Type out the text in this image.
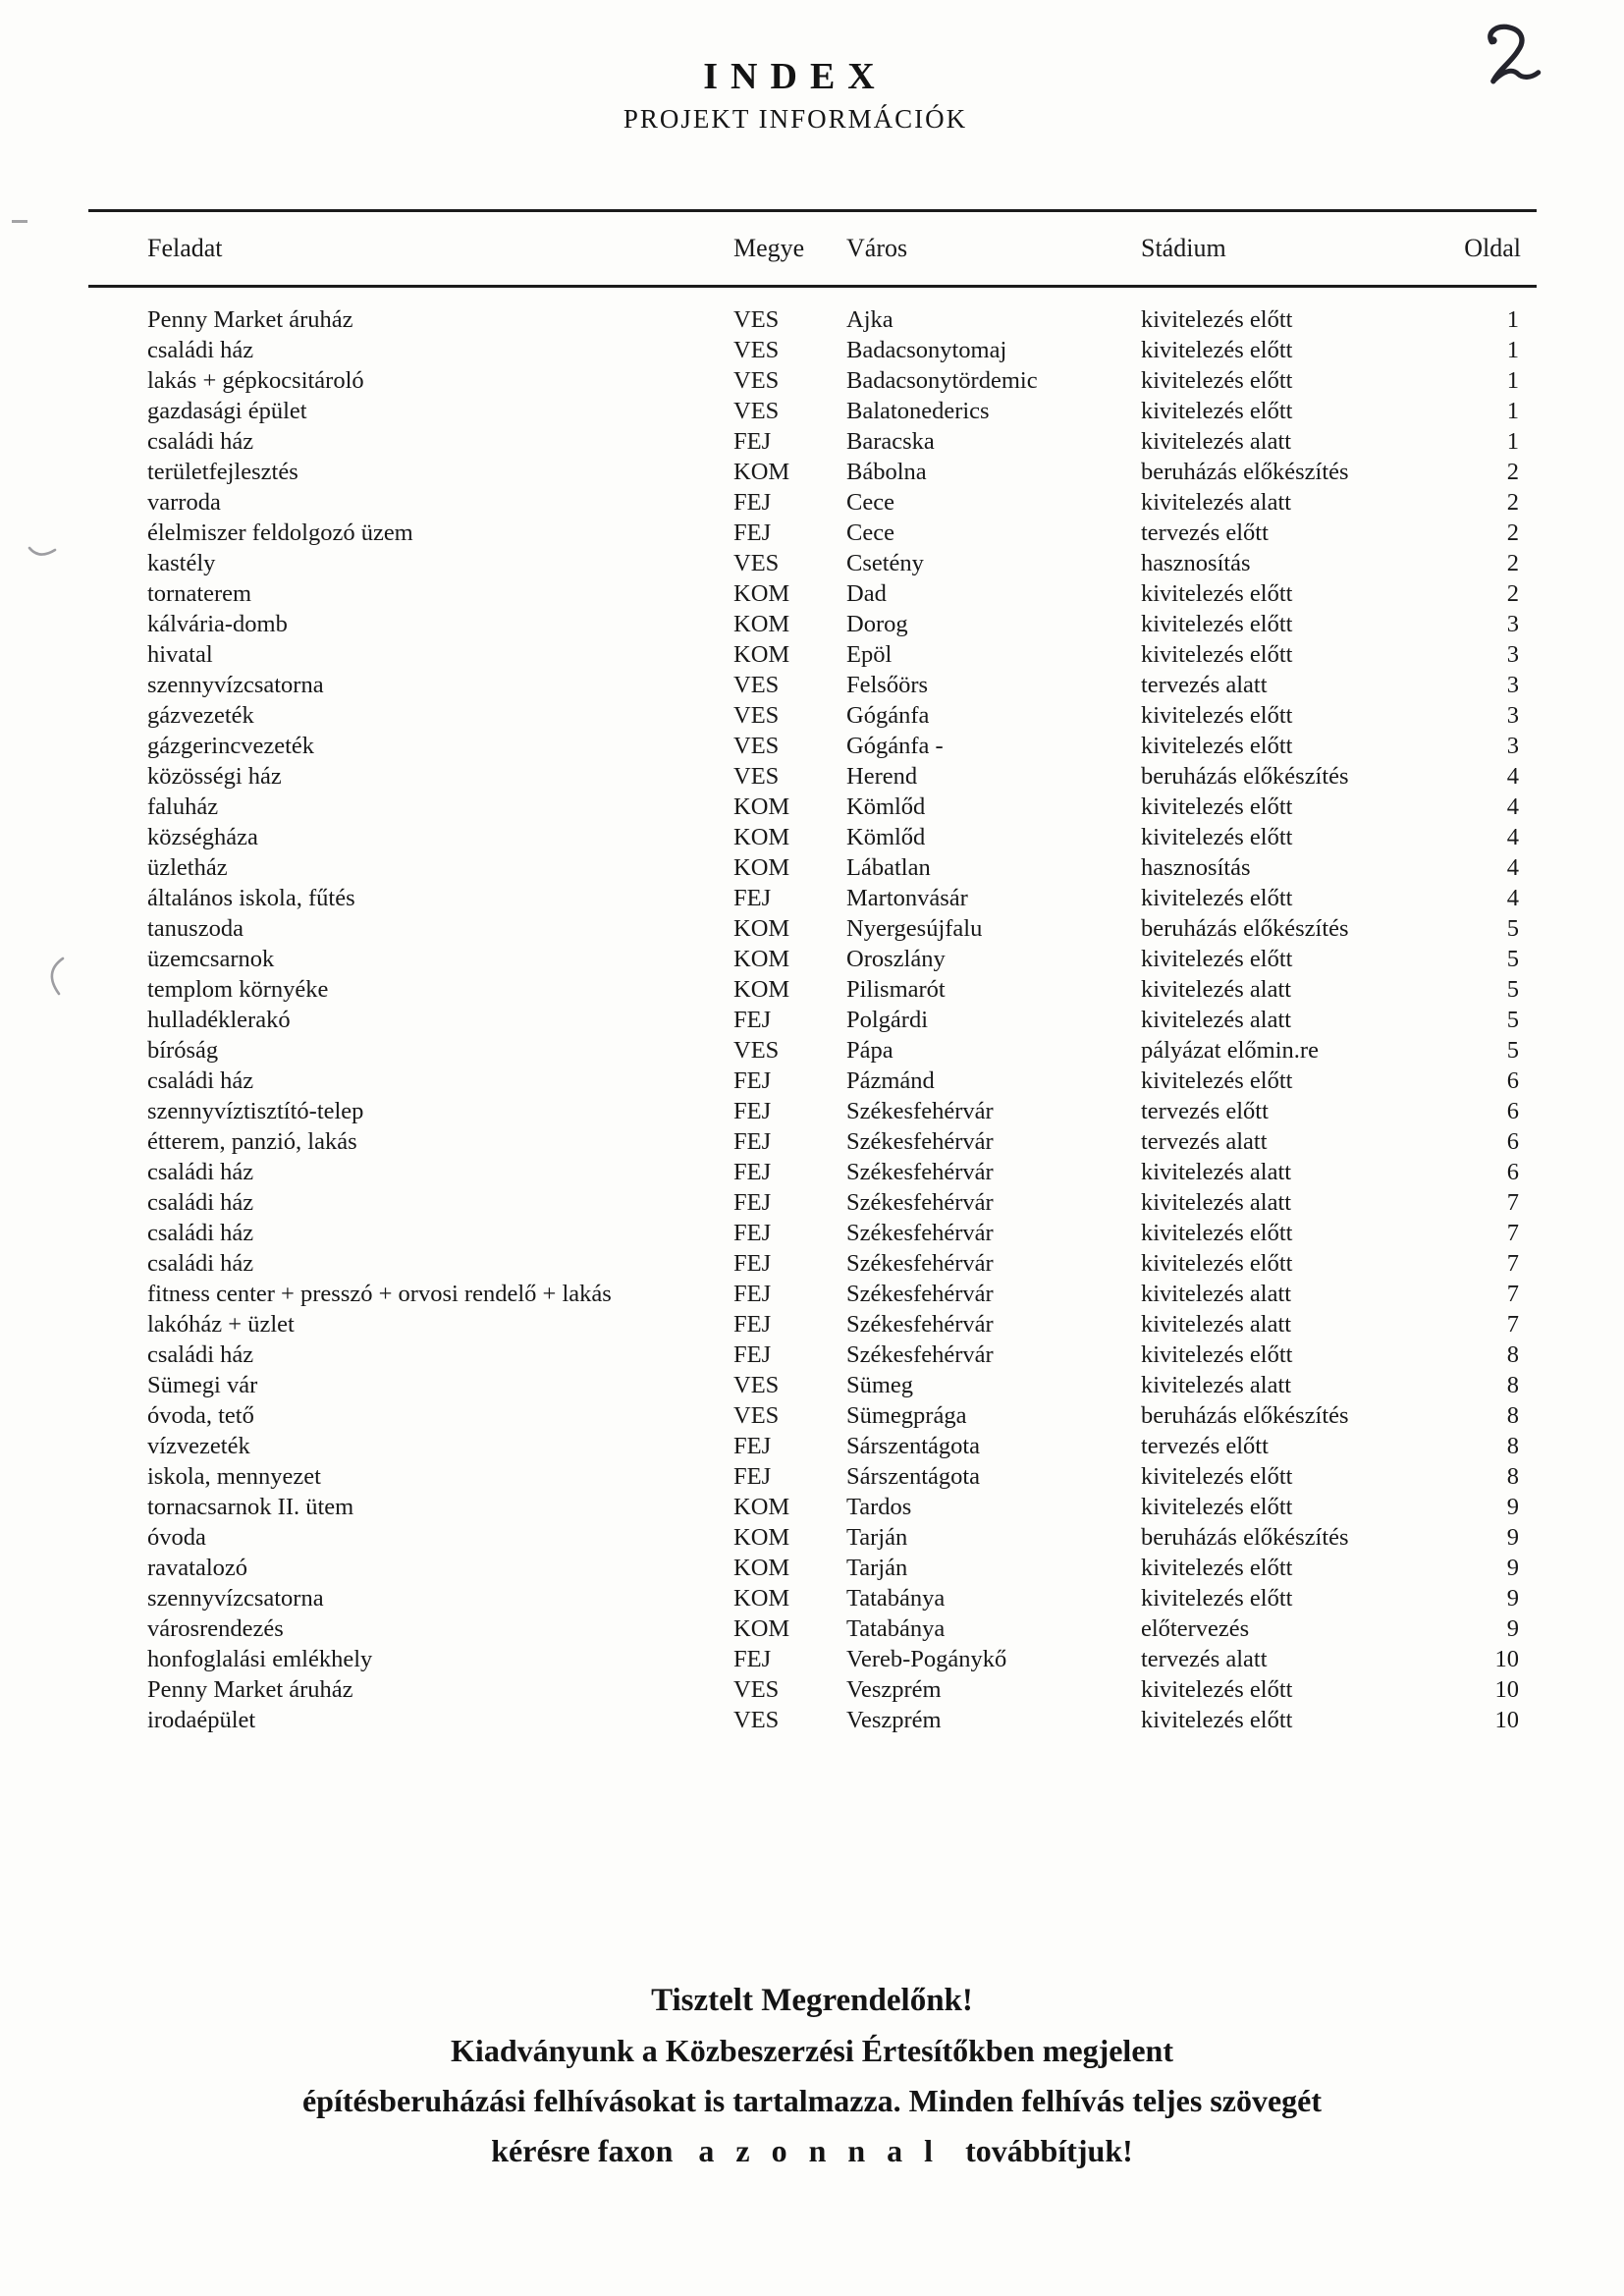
INDEX
PROJEKT INFORMÁCIÓK
Feladat	Megye	Város	Stádium	Oldal
Penny Market áruház	VES	Ajka	kivitelezés előtt	1
családi ház	VES	Badacsonytomaj	kivitelezés előtt	1
lakás + gépkocsitároló	VES	Badacsonytördemic	kivitelezés előtt	1
gazdasági épület	VES	Balatonederics	kivitelezés előtt	1
családi ház	FEJ	Baracska	kivitelezés alatt	1
területfejlesztés	KOM	Bábolna	beruházás előkészítés	2
varroda	FEJ	Cece	kivitelezés alatt	2
élelmiszer feldolgozó üzem	FEJ	Cece	tervezés előtt	2
kastély	VES	Csetény	hasznosítás	2
tornaterem	KOM	Dad	kivitelezés előtt	2
kálvária-domb	KOM	Dorog	kivitelezés előtt	3
hivatal	KOM	Epöl	kivitelezés előtt	3
szennyvízcsatorna	VES	Felsőörs	tervezés alatt	3
gázvezeték	VES	Gógánfa	kivitelezés előtt	3
gázgerincvezeték	VES	Gógánfa -	kivitelezés előtt	3
közösségi ház	VES	Herend	beruházás előkészítés	4
faluház	KOM	Kömlőd	kivitelezés előtt	4
községháza	KOM	Kömlőd	kivitelezés előtt	4
üzletház	KOM	Lábatlan	hasznosítás	4
általános iskola, fűtés	FEJ	Martonvásár	kivitelezés előtt	4
tanuszoda	KOM	Nyergesújfalu	beruházás előkészítés	5
üzemcsarnok	KOM	Oroszlány	kivitelezés előtt	5
templom környéke	KOM	Pilismarót	kivitelezés alatt	5
hulladéklerakó	FEJ	Polgárdi	kivitelezés alatt	5
bíróság	VES	Pápa	pályázat előmin.re	5
családi ház	FEJ	Pázmánd	kivitelezés előtt	6
szennyvíztisztító-telep	FEJ	Székesfehérvár	tervezés előtt	6
étterem, panzió, lakás	FEJ	Székesfehérvár	tervezés alatt	6
családi ház	FEJ	Székesfehérvár	kivitelezés alatt	6
családi ház	FEJ	Székesfehérvár	kivitelezés alatt	7
családi ház	FEJ	Székesfehérvár	kivitelezés előtt	7
családi ház	FEJ	Székesfehérvár	kivitelezés előtt	7
fitness center + presszó + orvosi rendelő + lakás	FEJ	Székesfehérvár	kivitelezés alatt	7
lakóház + üzlet	FEJ	Székesfehérvár	kivitelezés alatt	7
családi ház	FEJ	Székesfehérvár	kivitelezés előtt	8
Sümegi vár	VES	Sümeg	kivitelezés alatt	8
óvoda, tető	VES	Sümegprága	beruházás előkészítés	8
vízvezeték	FEJ	Sárszentágota	tervezés előtt	8
iskola, mennyezet	FEJ	Sárszentágota	kivitelezés előtt	8
tornacsarnok II. ütem	KOM	Tardos	kivitelezés előtt	9
óvoda	KOM	Tarján	beruházás előkészítés	9
ravatalozó	KOM	Tarján	kivitelezés előtt	9
szennyvízcsatorna	KOM	Tatabánya	kivitelezés előtt	9
városrendezés	KOM	Tatabánya	előtervezés	9
honfoglalási emlékhely	FEJ	Vereb-Pogánykő	tervezés alatt	10
Penny Market áruház	VES	Veszprém	kivitelezés előtt	10
irodaépület	VES	Veszprém	kivitelezés előtt	10
Tisztelt Megrendelőnk!
Kiadványunk a Közbeszerzési Értesítőkben megjelent
építésberuházási felhívásokat is tartalmazza. Minden felhívás teljes szövegét
kérésre faxon a z o n n a l továbbítjuk!
